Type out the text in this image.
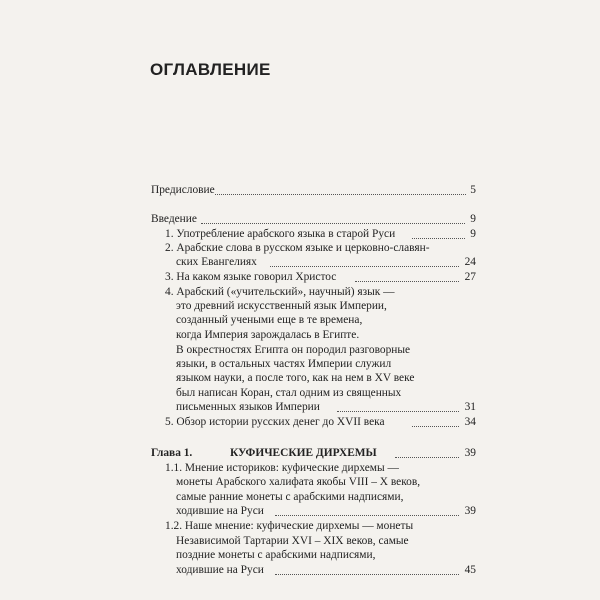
ОГЛАВЛЕНИЕ
Предисловие	5
Введение	9
1. Употребление арабского языка в старой Руси	9
2. Арабские слова в русском языке и церковно-славян-
ских Евангелиях	24
3. На каком языке говорил Христос	27
4. Арабский («учительский», научный) язык —
это древний искусственный язык Империи,
созданный учеными еще в те времена,
когда Империя зарождалась в Египте.
В окрестностях Египта он породил разговорные
языки, в остальных частях Империи служил
языком науки, а после того, как на нем в XV веке
был написан Коран, стал одним из священных
письменных языков Империи	31
5. Обзор истории русских денег до XVII века	34
Глава 1.	КУФИЧЕСКИЕ ДИРХЕМЫ	39
1.1. Мнение историков: куфические дирхемы —
монеты Арабского халифата якобы VIII – X веков,
самые ранние монеты с арабскими надписями,
ходившие на Руси	39
1.2. Наше мнение: куфические дирхемы — монеты
Независимой Тартарии XVI – XIX веков, самые
поздние монеты с арабскими надписями,
ходившие на Руси	45
